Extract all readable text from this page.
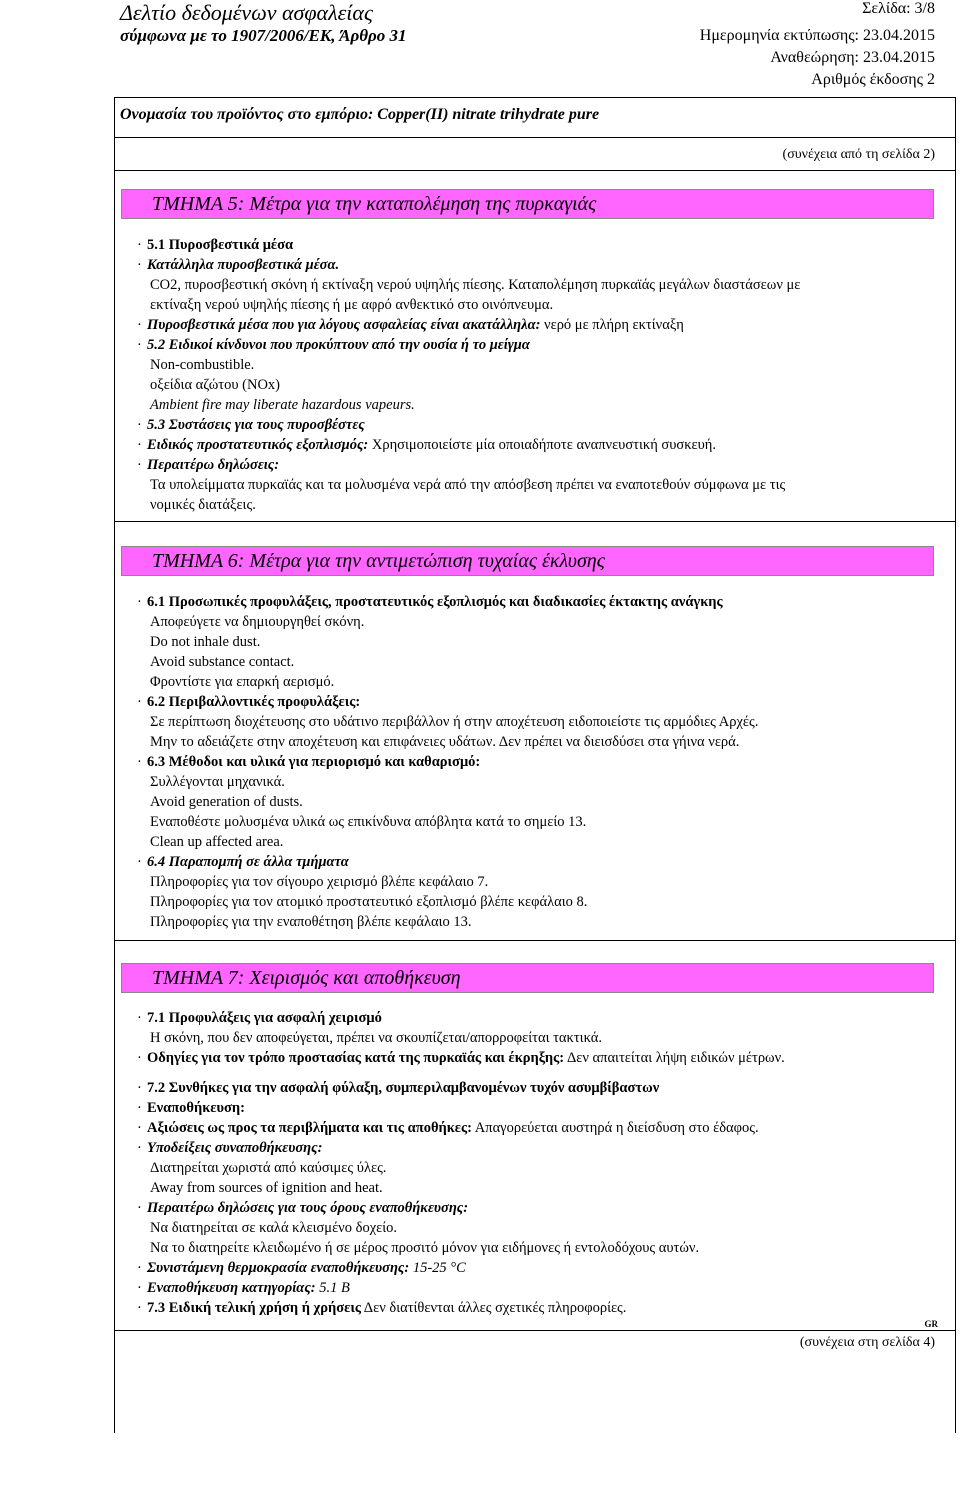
Δελτίο δεδομένων ασφαλείας
σύμφωνα με το 1907/2006/ΕΚ, Άρθρο 31
Σελίδα: 3/8
Ημερομηνία εκτύπωσης: 23.04.2015
Αναθεώρηση: 23.04.2015
Αριθμός έκδοσης 2
Ονομασία του προϊόντος στο εμπόριο: Copper(II) nitrate trihydrate pure
(συνέχεια από τη σελίδα 2)
ΤΜΗΜΑ 5: Μέτρα για την καταπολέμηση της πυρκαγιάς
· 5.1 Πυροσβεστικά μέσα
· Κατάλληλα πυροσβεστικά μέσα.
CO2, πυροσβεστική σκόνη ή εκτίναξη νερού υψηλής πίεσης. Καταπολέμηση πυρκαϊάς μεγάλων διαστάσεων με
εκτίναξη νερού υψηλής πίεσης ή με αφρό ανθεκτικό στο οινόπνευμα.
· Πυροσβεστικά μέσα που για λόγους ασφαλείας είναι ακατάλληλα: νερό με πλήρη εκτίναξη
· 5.2 Ειδικοί κίνδυνοι που προκύπτουν από την ουσία ή το μείγμα
Non-combustible.
οξείδια αζώτου (NOx)
Ambient fire may liberate hazardous vapeurs.
· 5.3 Συστάσεις για τους πυροσβέστες
· Ειδικός προστατευτικός εξοπλισμός: Χρησιμοποιείστε μία οποιαδήποτε αναπνευστική συσκευή.
· Περαιτέρω δηλώσεις:
Τα υπολείμματα πυρκαϊάς και τα μολυσμένα νερά από την απόσβεση πρέπει να εναποτεθούν σύμφωνα με τις
νομικές διατάξεις.
ΤΜΗΜΑ 6: Μέτρα για την αντιμετώπιση τυχαίας έκλυσης
· 6.1 Προσωπικές προφυλάξεις, προστατευτικός εξοπλισμός και διαδικασίες έκτακτης ανάγκης
Αποφεύγετε να δημιουργηθεί σκόνη.
Do not inhale dust.
Avoid substance contact.
Φροντίστε για επαρκή αερισμό.
· 6.2 Περιβαλλοντικές προφυλάξεις:
Σε περίπτωση διοχέτευσης στο υδάτινο περιβάλλον ή στην αποχέτευση ειδοποιείστε τις αρμόδιες Αρχές.
Μην το αδειάζετε στην αποχέτευση και επιφάνειες υδάτων. Δεν πρέπει να διεισδύσει στα γήινα νερά.
· 6.3 Μέθοδοι και υλικά για περιορισμό και καθαρισμό:
Συλλέγονται μηχανικά.
Avoid generation of dusts.
Εναποθέστε μολυσμένα υλικά ως επικίνδυνα απόβλητα κατά το σημείο 13.
Clean up affected area.
· 6.4 Παραπομπή σε άλλα τμήματα
Πληροφορίες για τον σίγουρο χειρισμό βλέπε κεφάλαιο 7.
Πληροφορίες για τον ατομικό προστατευτικό εξοπλισμό βλέπε κεφάλαιο 8.
Πληροφορίες για την εναποθέτηση βλέπε κεφάλαιο 13.
ΤΜΗΜΑ 7: Χειρισμός και αποθήκευση
· 7.1 Προφυλάξεις για ασφαλή χειρισμό
Η σκόνη, που δεν αποφεύγεται, πρέπει να σκουπίζεται/απορροφείται τακτικά.
· Οδηγίες για τον τρόπο προστασίας κατά της πυρκαϊάς και έκρηξης: Δεν απαιτείται λήψη ειδικών μέτρων.
· 7.2 Συνθήκες για την ασφαλή φύλαξη, συμπεριλαμβανομένων τυχόν ασυμβίβαστων
· Εναποθήκευση:
· Αξιώσεις ως προς τα περιβλήματα και τις αποθήκες: Απαγορεύεται αυστηρά η διείσδυση στο έδαφος.
· Υποδείξεις συναποθήκευσης:
Διατηρείται χωριστά από καύσιμες ύλες.
Away from sources of ignition and heat.
· Περαιτέρω δηλώσεις για τους όρους εναποθήκευσης:
Να διατηρείται σε καλά κλεισμένο δοχείο.
Να το διατηρείτε κλειδωμένο ή σε μέρος προσιτό μόνον για ειδήμονες ή εντολοδόχους αυτών.
· Συνιστάμενη θερμοκρασία εναποθήκευσης: 15-25 °C
· Εναποθήκευση κατηγορίας: 5.1 B
· 7.3 Ειδική τελική χρήση ή χρήσεις Δεν διατίθενται άλλες σχετικές πληροφορίες.
GR
(συνέχεια στη σελίδα 4)
